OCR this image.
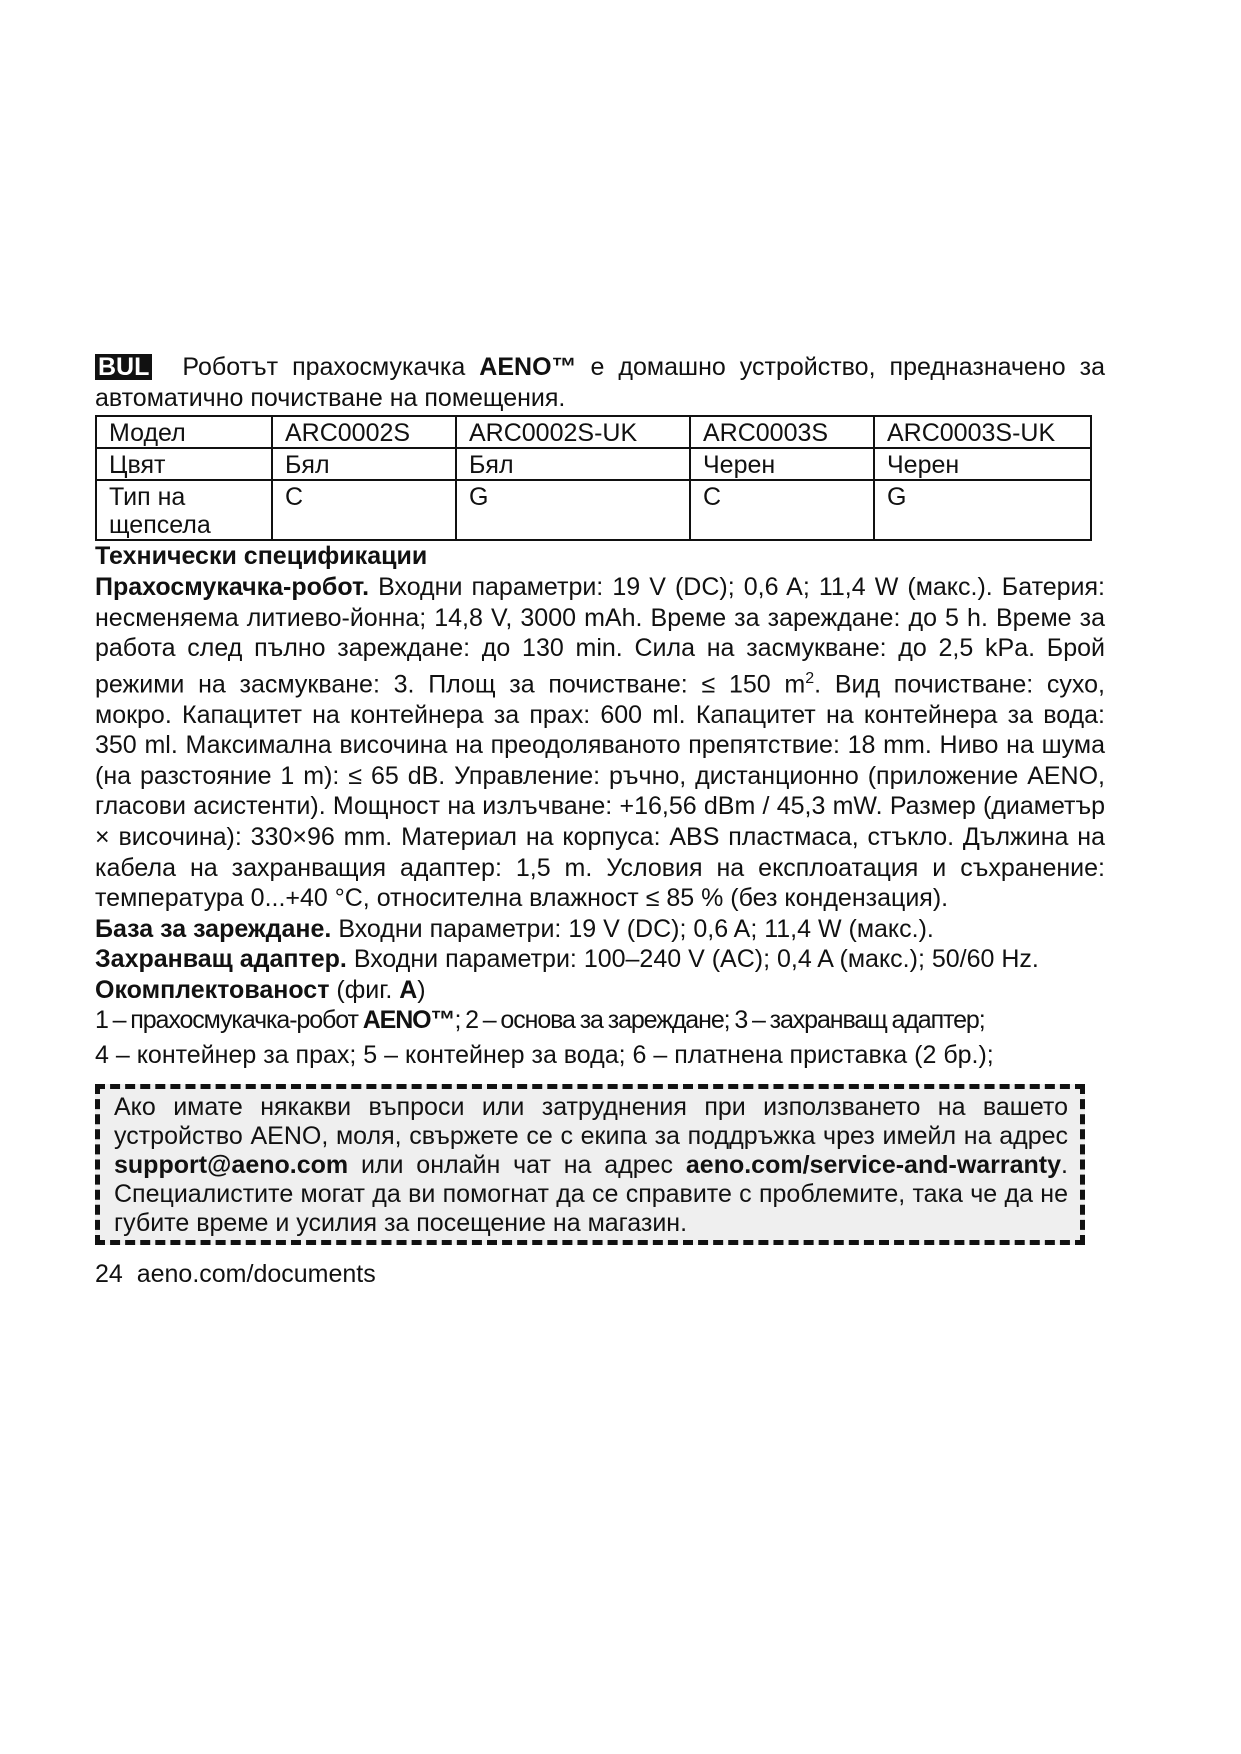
BUL Роботът прахосмукачка AENO™ е домашно устройство, предназначено за автоматично почистване на помещения.

Модел	ARC0002S	ARC0002S-UK	ARC0003S	ARC0003S-UK
Цвят	Бял	Бял	Черен	Черен
Тип на щепсела	C	G	C	G

Технически спецификации

Прахосмукачка-робот. Входни параметри: 19 V (DC); 0,6 A; 11,4 W (макс.). Батерия: несменяема литиево-йонна; 14,8 V, 3000 mAh. Време за зареждане: до 5 h. Време за работа след пълно зареждане: до 130 min. Сила на засмукване: до 2,5 kPa. Брой режими на засмукване: 3. Площ за почистване: ≤ 150 $m^2$. Вид почистване: сухо, мокро. Капацитет на контейнера за прах: 600 ml. Капацитет на контейнера за вода: 350 ml. Максимална височина на преодоляваното препятствие: 18 mm. Ниво на шума (на разстояние 1 m): ≤ 65 dB. Управление: ръчно, дистанционно (приложение AENO, гласови асистенти). Мощност на излъчване: +16,56 dBm / 45,3 mW. Размер (диаметър × височина): 330×96 mm. Материал на корпуса: ABS пластмаса, стъкло. Дължина на кабела на захранващия адаптер: 1,5 m. Условия на експлоатация и съхранение: температура 0...+40 °C, относителна влажност ≤ 85 % (без кондензация).

База за зареждане. Входни параметри: 19 V (DC); 0,6 A; 11,4 W (макс.).

Захранващ адаптер. Входни параметри: 100–240 V (AC); 0,4 A (макс.); 50/60 Hz.

Окомплектованост (фиг. A)

1 – прахосмукачка-робот AENO™; 2 – основа за зареждане; 3 – захранващ адаптер;

4 – контейнер за прах; 5 – контейнер за вода; 6 – платнена приставка (2 бр.);

Ако имате някакви въпроси или затруднения при използването на вашето устройство AENO, моля, свържете се с екипа за поддръжка чрез имейл на адрес support@aeno.com или онлайн чат на адрес aeno.com/service-and-warranty. Специалистите могат да ви помогнат да се справите с проблемите, така че да не губите време и усилия за посещение на магазин.

24 aeno.com/documents
